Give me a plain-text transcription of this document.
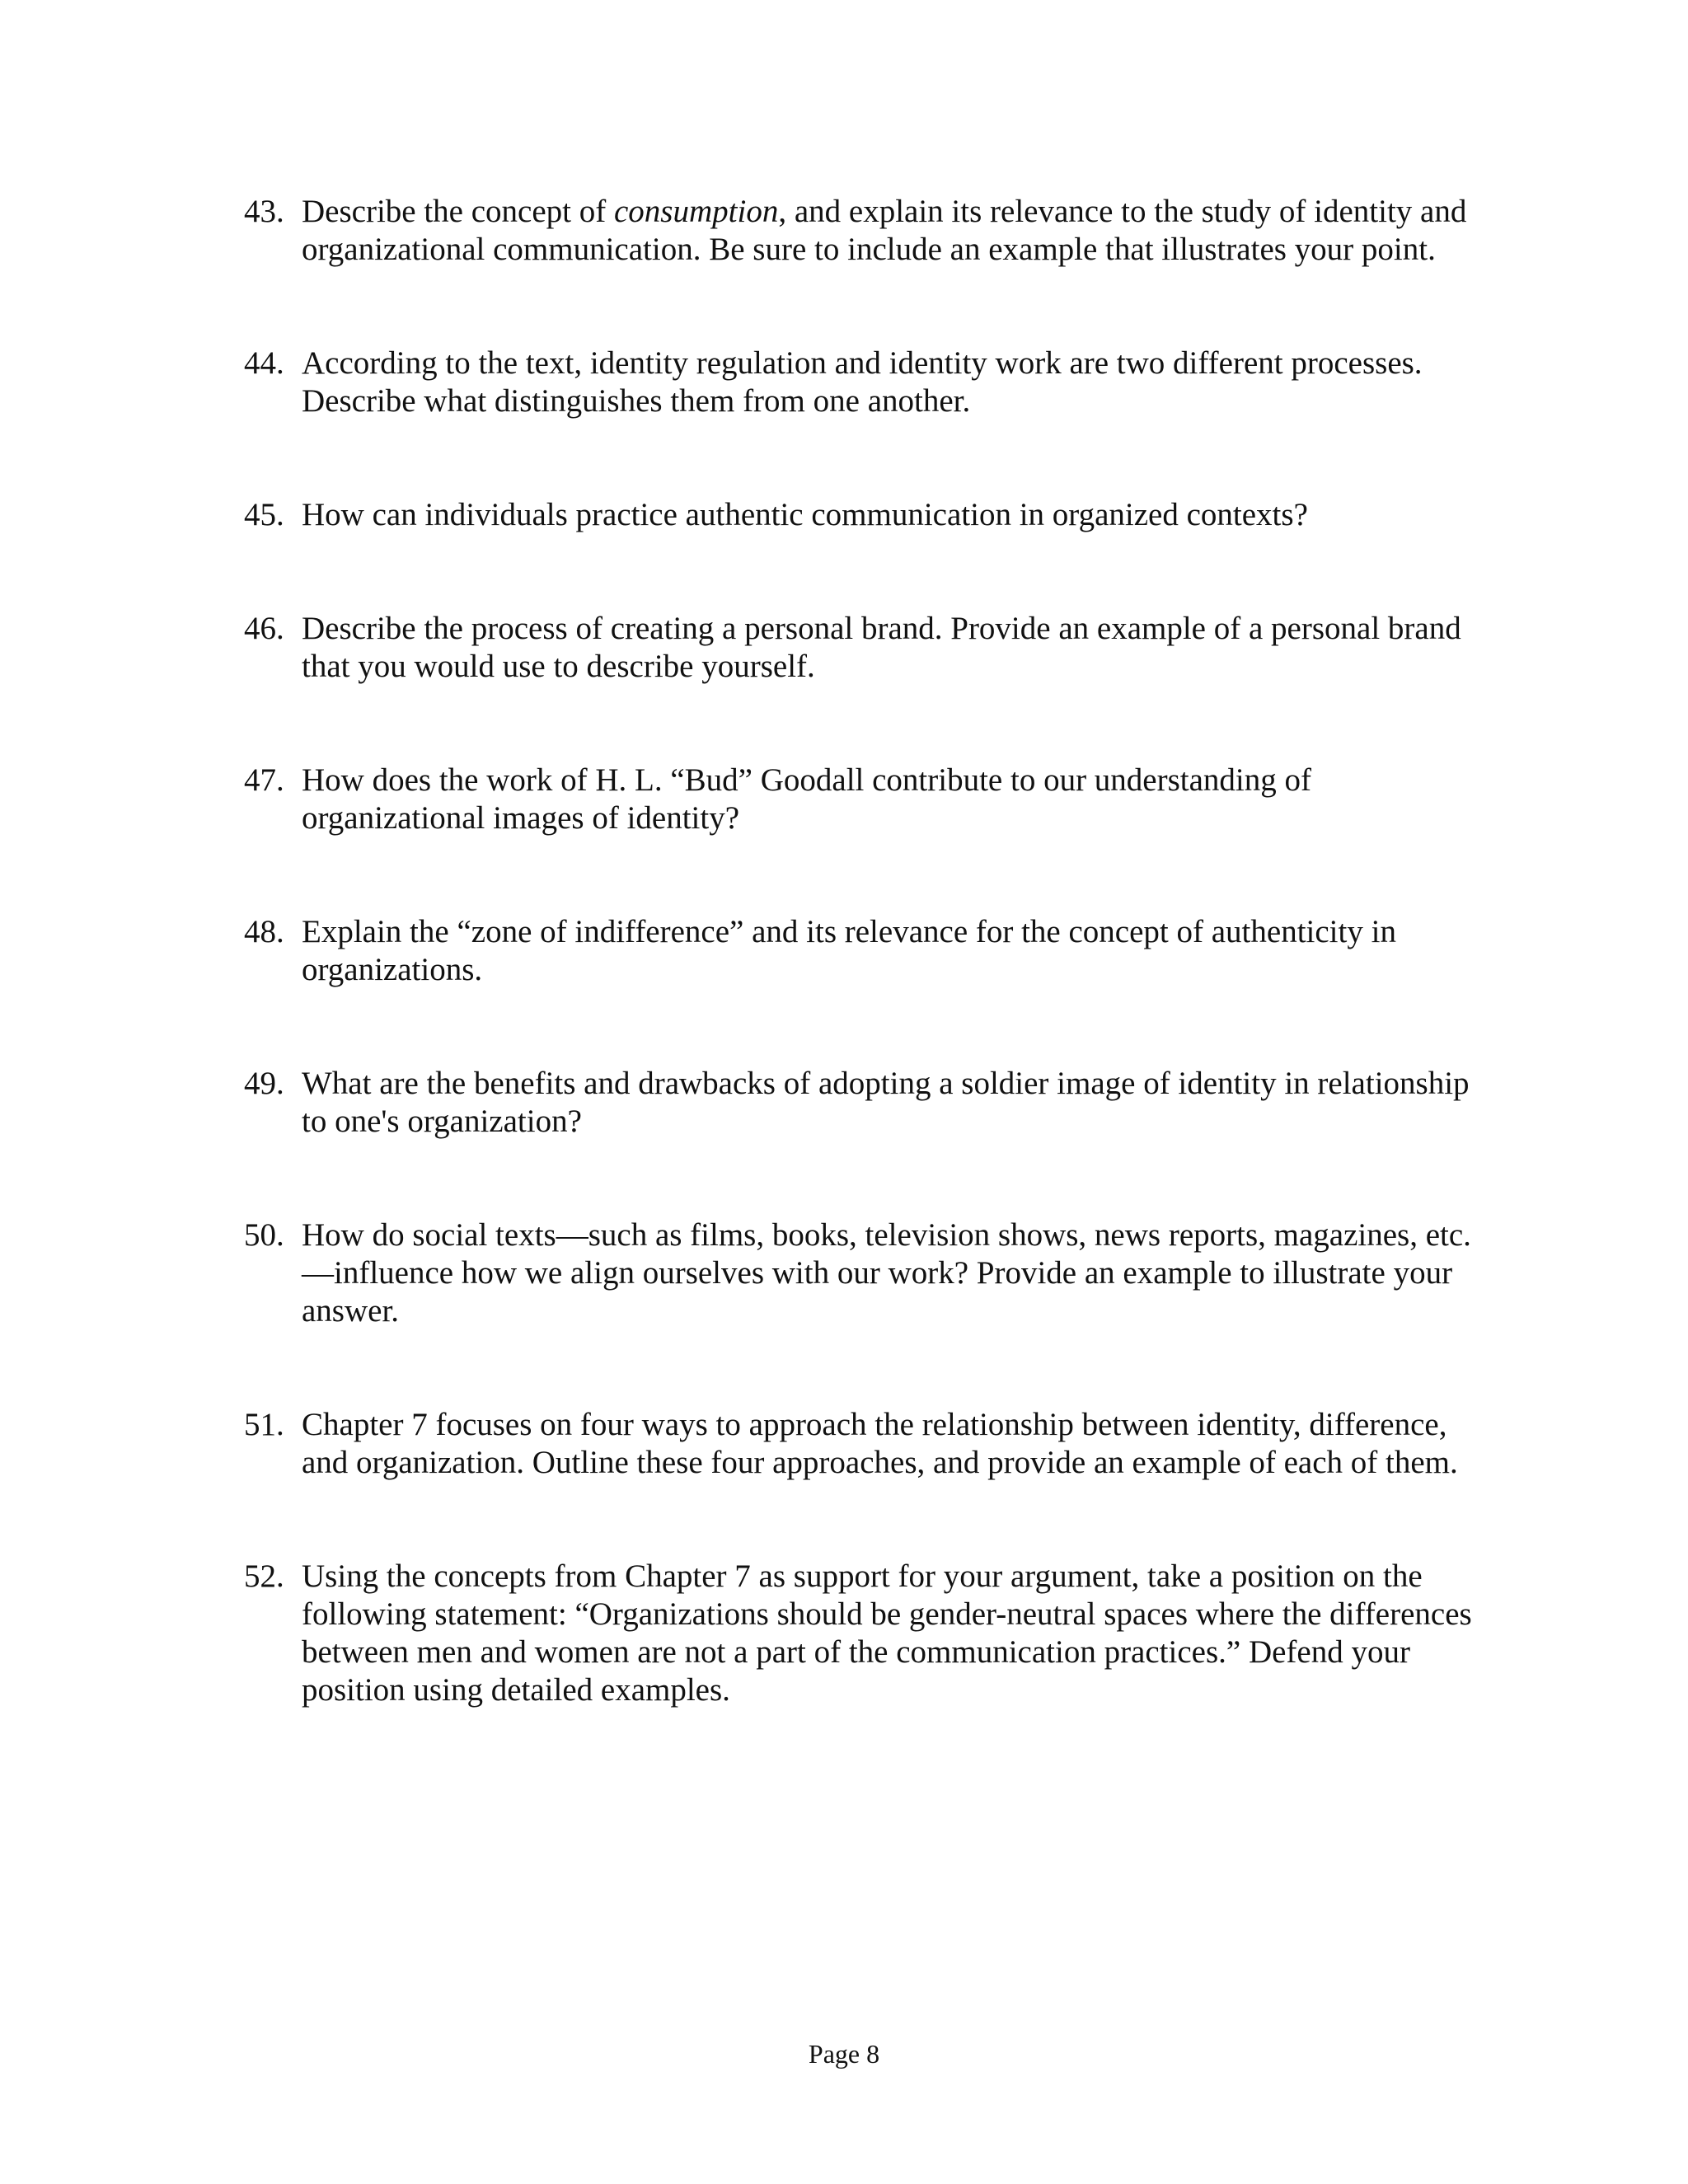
43. Describe the concept of consumption, and explain its relevance to the study of identity and organizational communication. Be sure to include an example that illustrates your point.
44. According to the text, identity regulation and identity work are two different processes. Describe what distinguishes them from one another.
45. How can individuals practice authentic communication in organized contexts?
46. Describe the process of creating a personal brand. Provide an example of a personal brand that you would use to describe yourself.
47. How does the work of H. L. “Bud” Goodall contribute to our understanding of organizational images of identity?
48. Explain the “zone of indifference” and its relevance for the concept of authenticity in organizations.
49. What are the benefits and drawbacks of adopting a soldier image of identity in relationship to one's organization?
50. How do social texts—such as films, books, television shows, news reports, magazines, etc.—influence how we align ourselves with our work? Provide an example to illustrate your answer.
51. Chapter 7 focuses on four ways to approach the relationship between identity, difference, and organization. Outline these four approaches, and provide an example of each of them.
52. Using the concepts from Chapter 7 as support for your argument, take a position on the following statement: “Organizations should be gender-neutral spaces where the differences between men and women are not a part of the communication practices.” Defend your position using detailed examples.
Page 8
